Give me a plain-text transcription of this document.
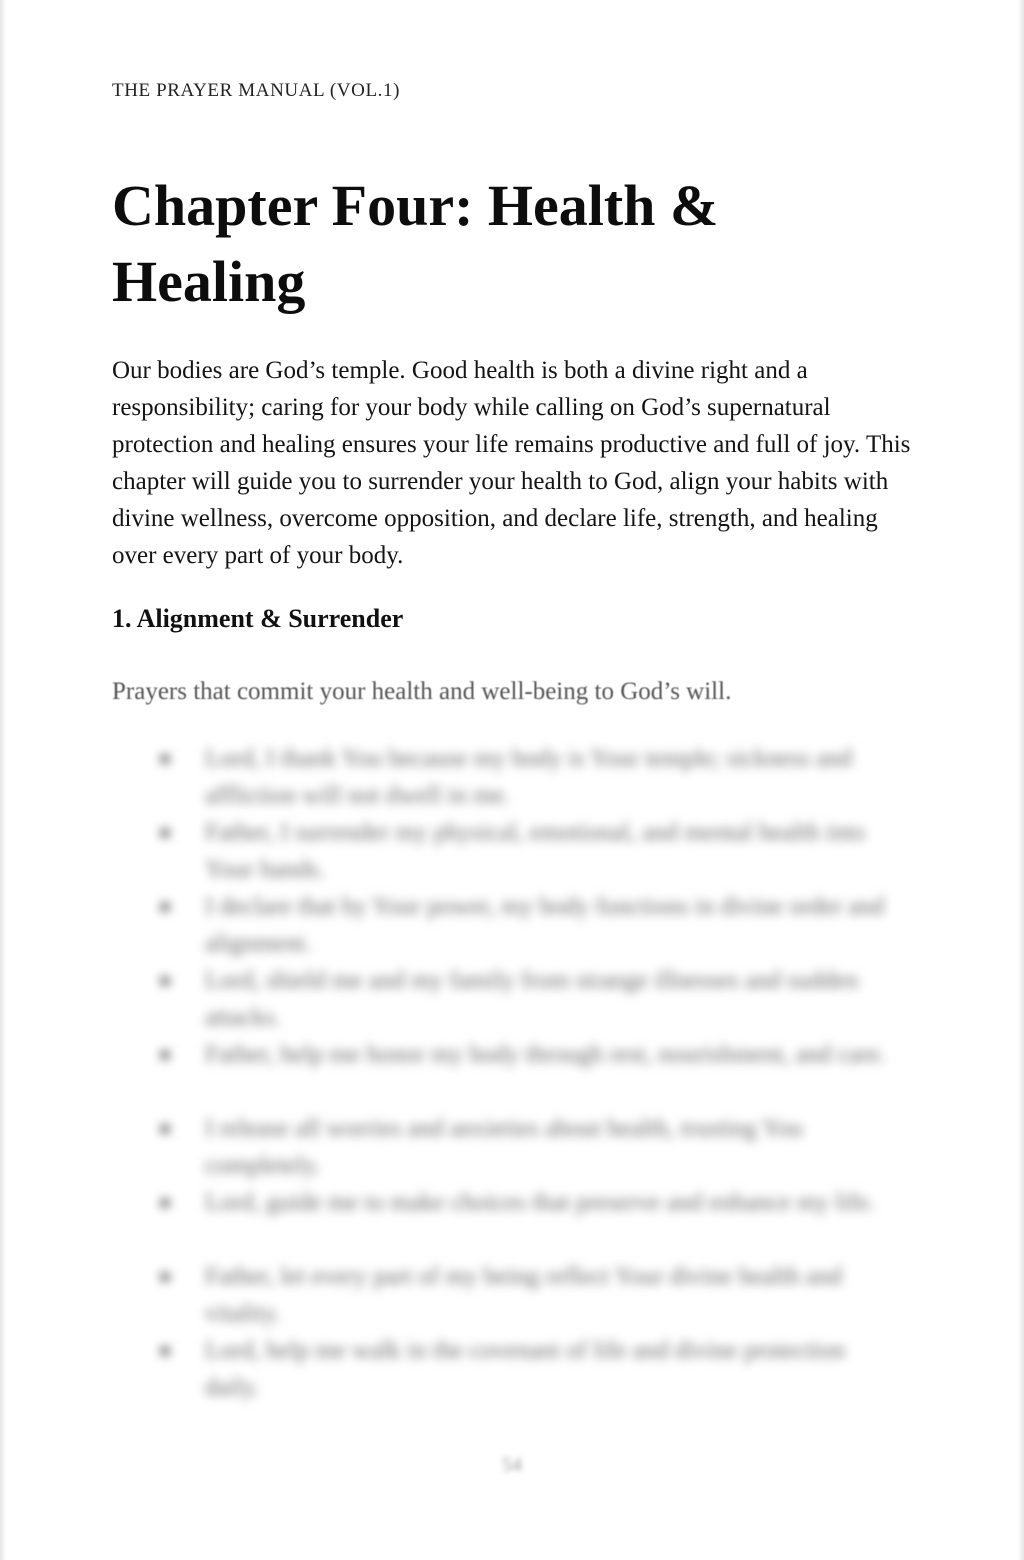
THE PRAYER MANUAL (VOL.1)
Chapter Four: Health & Healing

Our bodies are God’s temple. Good health is both a divine right and a responsibility; caring for your body while calling on God’s supernatural protection and healing ensures your life remains productive and full of joy. This chapter will guide you to surrender your health to God, align your habits with divine wellness, overcome opposition, and declare life, strength, and healing over every part of your body.

1. Alignment & Surrender

Prayers that commit your health and well-being to God’s will.

Lord, I thank You because my body is Your temple; sickness and affliction will not dwell in me.
Father, I surrender my physical, emotional, and mental health into Your hands.
I declare that by Your power, my body functions in divine order and alignment.
Lord, shield me and my family from strange illnesses and sudden attacks.
Father, help me honor my body through rest, nourishment, and care.
I release all worries and anxieties about health, trusting You completely.
Lord, guide me to make choices that preserve and enhance my life.
Father, let every part of my being reflect Your divine health and vitality.
Lord, help me walk in the covenant of life and divine protection daily.
54
